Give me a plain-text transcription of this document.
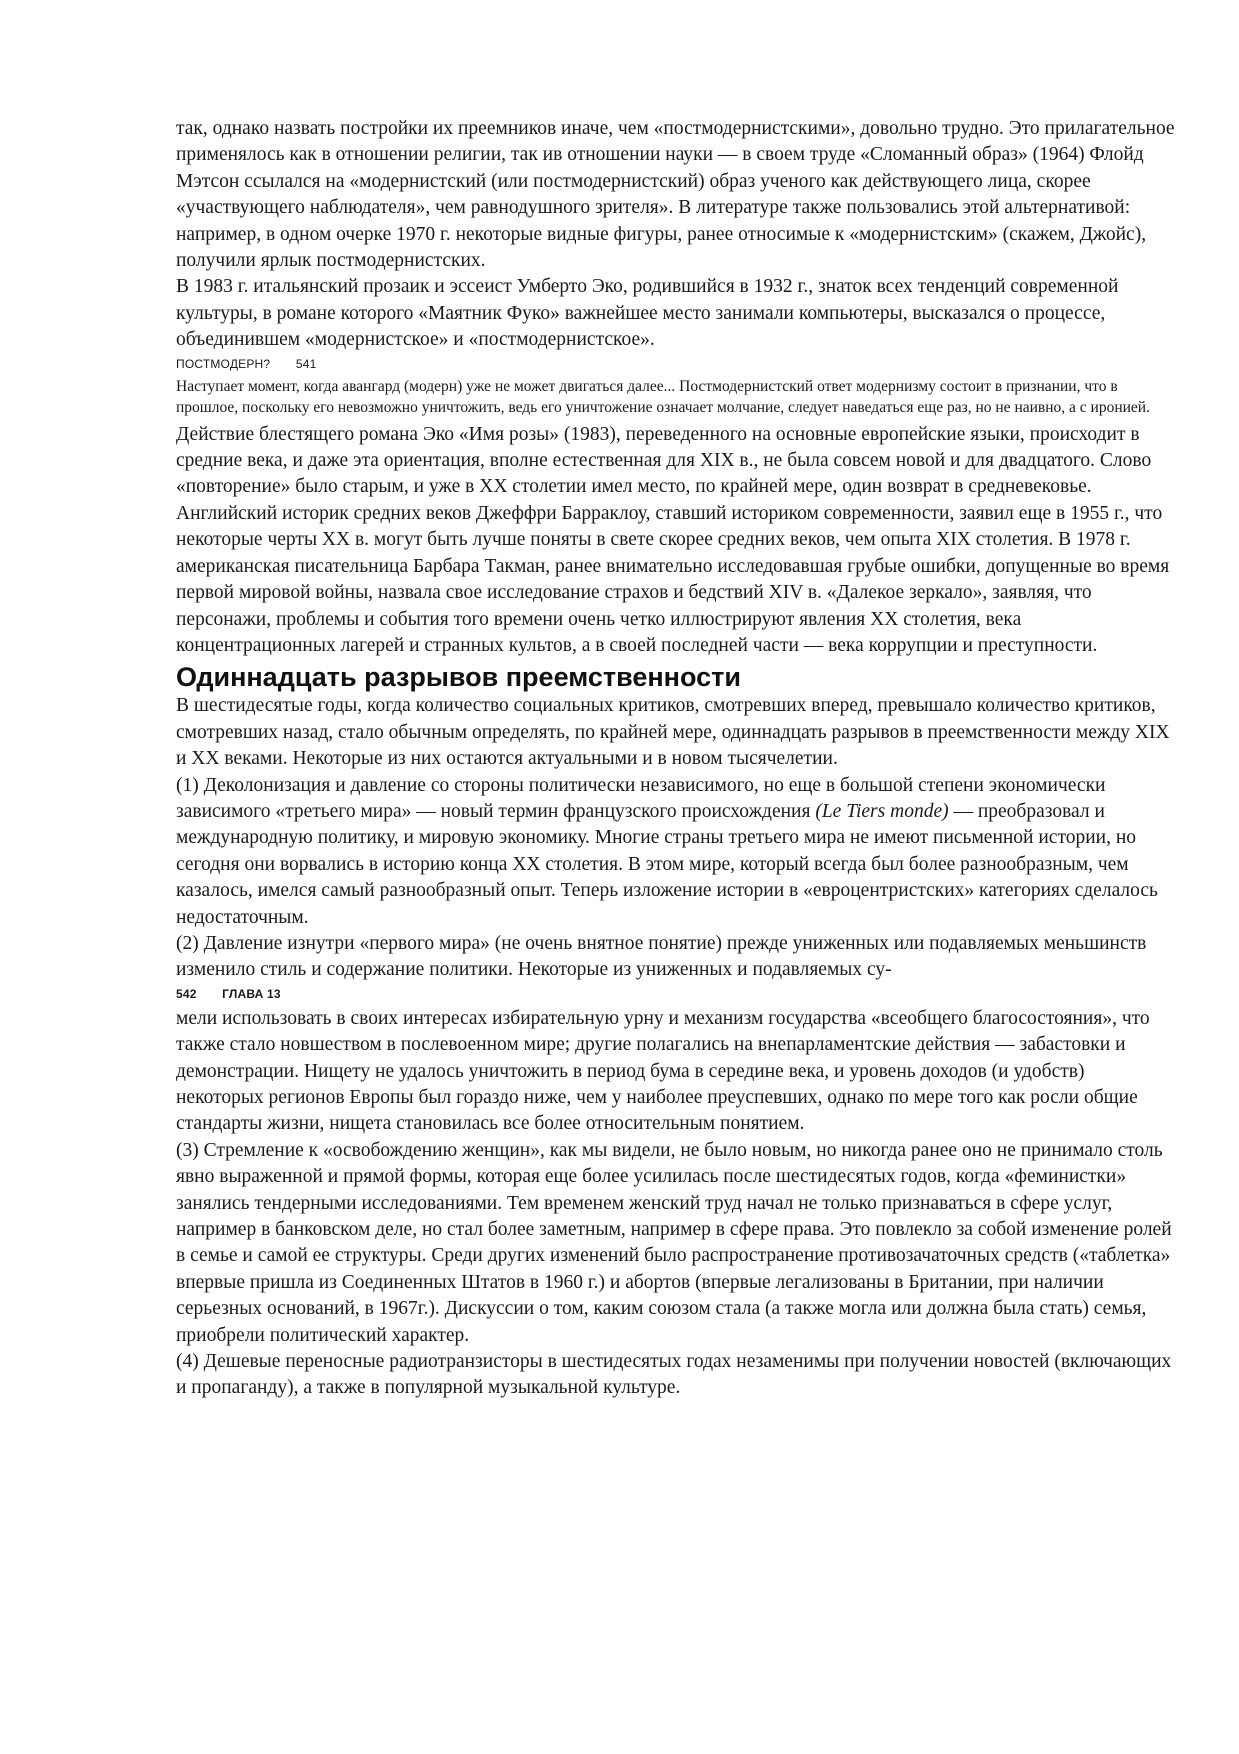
так, однако назвать постройки их преемников иначе, чем «постмодернистскими», довольно трудно. Это прилагательное применялось как в отношении религии, так ив отношении науки — в своем труде «Сломанный образ» (1964) Флойд Мэтсон ссылался на «модернистский (или постмодернистский) образ ученого как действующего лица, скорее «участвующего наблюдателя», чем равнодушного зрителя». В литературе также пользовались этой альтернативой: например, в одном очерке 1970 г. некоторые видные фигуры, ранее относимые к «модернистским» (скажем, Джойс), получили ярлык постмодернистских.

В 1983 г. итальянский прозаик и эссеист Умберто Эко, родившийся в 1932 г., знаток всех тенденций современной культуры, в романе которого «Маятник Фуко» важнейшее место занимали компьютеры, высказался о процессе, объединившем «модернистское» и «постмодернистское».

ПОСТМОДЕРН? 541

Наступает момент, когда авангард (модерн) уже не может двигаться далее... Постмодернистский ответ модернизму состоит в признании, что в прошлое, поскольку его невозможно уничтожить, ведь его уничтожение означает молчание, следует наведаться еще раз, но не наивно, а с иронией.

Действие блестящего романа Эко «Имя розы» (1983), переведенного на основные европейские языки, происходит в средние века, и даже эта ориентация, вполне естественная для XIX в., не была совсем новой и для двадцатого. Слово «повторение» было старым, и уже в XX столетии имел место, по крайней мере, один возврат в средневековье. Английский историк средних веков Джеффри Барраклоу, ставший историком современности, заявил еще в 1955 г., что некоторые черты XX в. могут быть лучше поняты в свете скорее средних веков, чем опыта XIX столетия. В 1978 г. американская писательница Барбара Такман, ранее внимательно исследовавшая грубые ошибки, допущенные во время первой мировой войны, назвала свое исследование страхов и бедствий XIV в. «Далекое зеркало», заявляя, что персонажи, проблемы и события того времени очень четко иллюстрируют явления XX столетия, века концентрационных лагерей и странных культов, а в своей последней части — века коррупции и преступности.

Одиннадцать разрывов преемственности

В шестидесятые годы, когда количество социальных критиков, смотревших вперед, превышало количество критиков, смотревших назад, стало обычным определять, по крайней мере, одиннадцать разрывов в преемственности между XIX и XX веками. Некоторые из них остаются актуальными и в новом тысячелетии.

(1) Деколонизация и давление со стороны политически независимого, но еще в большой степени экономически зависимого «третьего мира» — новый термин французского происхождения (Le Tiers monde) — преобразовал и международную политику, и мировую экономику. Многие страны третьего мира не имеют письменной истории, но сегодня они ворвались в историю конца XX столетия. В этом мире, который всегда был более разнообразным, чем казалось, имелся самый разнообразный опыт. Теперь изложение истории в «евроцентристских» категориях сделалось недостаточным.

(2) Давление изнутри «первого мира» (не очень внятное понятие) прежде униженных или подавляемых меньшинств изменило стиль и содержание политики. Некоторые из униженных и подавляемых су-

542 ГЛАВА 13

мели использовать в своих интересах избирательную урну и механизм государства «всеобщего благосостояния», что также стало новшеством в послевоенном мире; другие полагались на внепарламентские действия — забастовки и демонстрации. Нищету не удалось уничтожить в период бума в середине века, и уровень доходов (и удобств) некоторых регионов Европы был гораздо ниже, чем у наиболее преуспевших, однако по мере того как росли общие стандарты жизни, нищета становилась все более относительным понятием.

(3) Стремление к «освобождению женщин», как мы видели, не было новым, но никогда ранее оно не принимало столь явно выраженной и прямой формы, которая еще более усилилась после шестидесятых годов, когда «феминистки» занялись тендерными исследованиями. Тем временем женский труд начал не только признаваться в сфере услуг, например в банковском деле, но стал более заметным, например в сфере права. Это повлекло за собой изменение ролей в семье и самой ее структуры. Среди других изменений было распространение противозачаточных средств («таблетка» впервые пришла из Соединенных Штатов в 1960 г.) и абортов (впервые легализованы в Британии, при наличии серьезных оснований, в 1967г.). Дискуссии о том, каким союзом стала (а также могла или должна была стать) семья, приобрели политический характер.

(4) Дешевые переносные радиотранзисторы в шестидесятых годах незаменимы при получении новостей (включающих и пропаганду), а также в популярной музыкальной культуре.
